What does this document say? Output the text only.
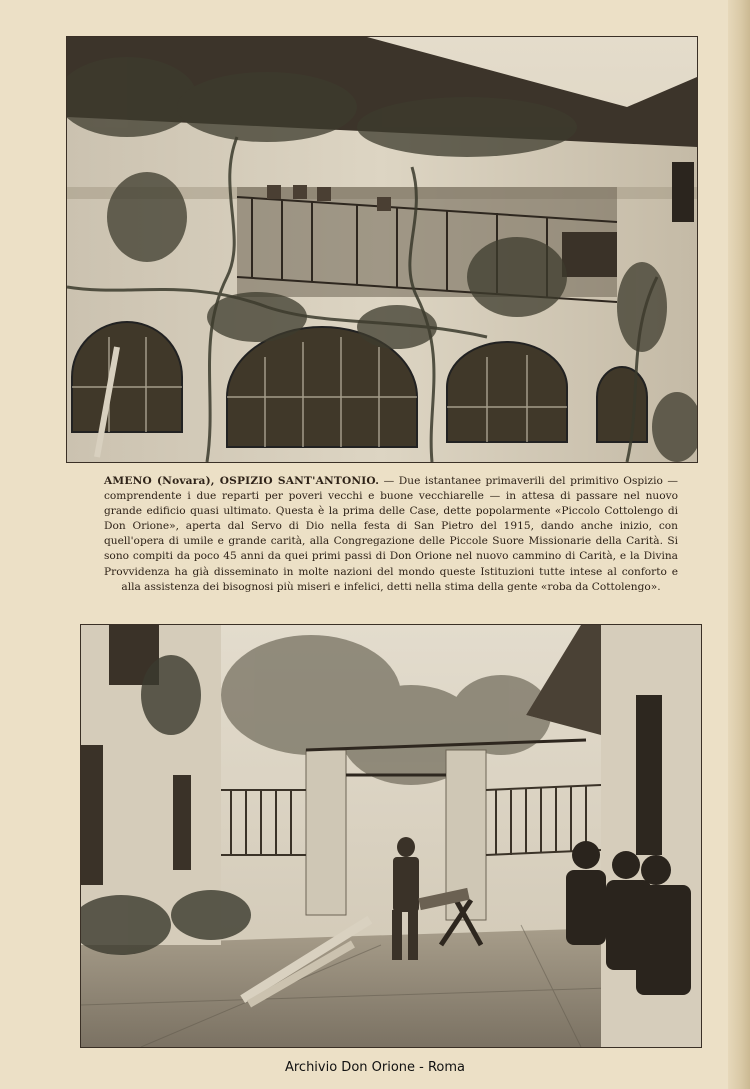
AMENO (Novara), OSPIZIO SANT'ANTONIO. — Due istantanee primaverili del primitivo Ospizio — comprendente i due reparti per poveri vecchi e buone vecchiarelle — in attesa di passare nel nuovo grande edificio quasi ultimato. Questa è la prima delle Case, dette popolarmente «Piccolo Cottolengo di Don Orione», aperta dal Servo di Dio nella festa di San Pietro del 1915, dando anche inizio, con quell'opera di umile e grande carità, alla Congregazione delle Piccole Suore Missionarie della Carità. Si sono compiti da poco 45 anni da quei primi passi di Don Orione nel nuovo cammino di Carità, e la Divina Provvidenza ha già disseminato in molte nazioni del mondo queste Istituzioni tutte intese al conforto e alla assistenza dei bisognosi più miseri e infelici, detti nella stima della gente «roba da Cottolengo».
Archivio Don Orione - Roma
